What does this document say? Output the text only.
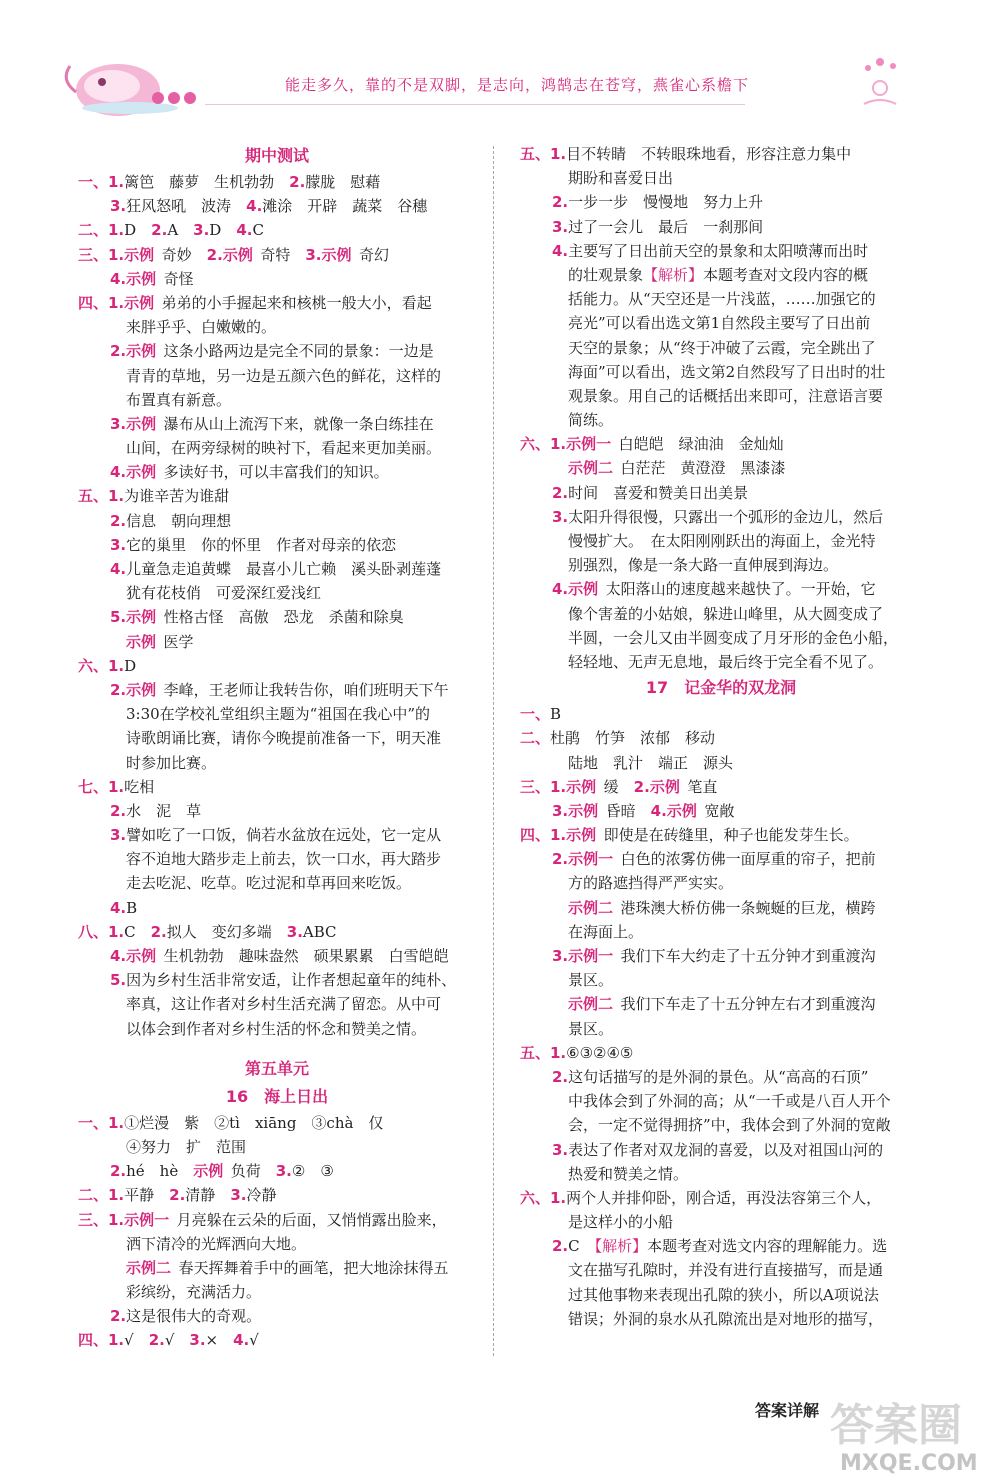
能走多久，靠的不是双脚，是志向，鸿鹄志在苍穹，燕雀心系檐下
期中测试
一、1.篱笆　藤萝　生机勃勃　2.朦胧　慰藉
3.狂风怒吼　波涛　4.滩涂　开辟　蔬菜　谷穗
二、1.D　2.A　3.D　4.C
三、1.示例  奇妙　2.示例  奇特　3.示例  奇幻
4.示例  奇怪
四、1.示例  弟弟的小手握起来和核桃一般大小，看起
来胖乎乎、白嫩嫩的。
2.示例  这条小路两边是完全不同的景象：一边是
青青的草地，另一边是五颜六色的鲜花，这样的
布置真有新意。
3.示例  瀑布从山上流泻下来，就像一条白练挂在
山间，在两旁绿树的映衬下，看起来更加美丽。
4.示例  多读好书，可以丰富我们的知识。
五、1.为谁辛苦为谁甜
2.信息　朝向理想
3.它的巢里　你的怀里　作者对母亲的依恋
4.儿童急走追黄蝶　最喜小儿亡赖　溪头卧剥莲蓬
犹有花枝俏　可爱深红爱浅红
5.示例  性格古怪　高傲　恐龙　杀菌和除臭
示例  医学
六、1.D
2.示例  李峰，王老师让我转告你，咱们班明天下午
3:30在学校礼堂组织主题为“祖国在我心中”的
诗歌朗诵比赛，请你今晚提前准备一下，明天准
时参加比赛。
七、1.吃相
2.水　泥　草
3.譬如吃了一口饭，倘若水盆放在远处，它一定从
容不迫地大踏步走上前去，饮一口水，再大踏步
走去吃泥、吃草。吃过泥和草再回来吃饭。
4.B
八、1.C　2.拟人　变幻多端　3.ABC
4.示例  生机勃勃　趣味盎然　硕果累累　白雪皑皑
5.因为乡村生活非常安适，让作者想起童年的纯朴、
率真，这让作者对乡村生活充满了留恋。从中可
以体会到作者对乡村生活的怀念和赞美之情。
第五单元
16　海上日出
一、1.①烂漫　紫　②tì　xiāng　③chà　仅
④努力　扩　范围
2.hé　hè　示例  负荷　3.②　③
二、1.平静　2.清静　3.冷静
三、1.示例一  月亮躲在云朵的后面，又悄悄露出脸来，
洒下清冷的光辉洒向大地。
示例二  春天挥舞着手中的画笔，把大地涂抹得五
彩缤纷，充满活力。
2.这是很伟大的奇观。
四、1.√　2.√　3.×　4.√
五、1.目不转睛　不转眼珠地看，形容注意力集中
期盼和喜爱日出
2.一步一步　慢慢地　努力上升
3.过了一会儿　最后　一刹那间
4.主要写了日出前天空的景象和太阳喷薄而出时
的壮观景象【解析】本题考查对文段内容的概
括能力。从“天空还是一片浅蓝，……加强它的
亮光”可以看出选文第1自然段主要写了日出前
天空的景象；从“终于冲破了云霞，完全跳出了
海面”可以看出，选文第2自然段写了日出时的壮
观景象。用自己的话概括出来即可，注意语言要
简练。
六、1.示例一  白皑皑　绿油油　金灿灿
示例二  白茫茫　黄澄澄　黑漆漆
2.时间　喜爱和赞美日出美景
3.太阳升得很慢，只露出一个弧形的金边儿，然后
慢慢扩大。　在太阳刚刚跃出的海面上，金光特
别强烈，像是一条大路一直伸展到海边。
4.示例  太阳落山的速度越来越快了。一开始，它
像个害羞的小姑娘，躲进山峰里，从大圆变成了
半圆，一会儿又由半圆变成了月牙形的金色小船，
轻轻地、无声无息地，最后终于完全看不见了。
17　记金华的双龙洞
一、B
二、杜鹃　竹笋　浓郁　移动
陆地　乳汁　端正　源头
三、1.示例  缓　2.示例  笔直
3.示例  昏暗　4.示例  宽敞
四、1.示例  即使是在砖缝里，种子也能发芽生长。
2.示例一  白色的浓雾仿佛一面厚重的帘子，把前
方的路遮挡得严严实实。
示例二  港珠澳大桥仿佛一条蜿蜒的巨龙，横跨
在海面上。
3.示例一  我们下车大约走了十五分钟才到重渡沟
景区。
示例二  我们下车走了十五分钟左右才到重渡沟
景区。
五、1.⑥③②④⑤
2.这句话描写的是外洞的景色。从“高高的石顶”
中我体会到了外洞的高；从“一千或是八百人开个
会，一定不觉得拥挤”中，我体会到了外洞的宽敞
3.表达了作者对双龙洞的喜爱，以及对祖国山河的
热爱和赞美之情。
六、1.两个人并排仰卧，刚合适，再没法容第三个人，
是这样小的小船
2.C　【解析】本题考查对选文内容的理解能力。选
文在描写孔隙时，并没有进行直接描写，而是通
过其他事物来表现出孔隙的狭小，所以A项说法
错误；外洞的泉水从孔隙流出是对地形的描写，
答案详解 答案圈
MXQE.COM
